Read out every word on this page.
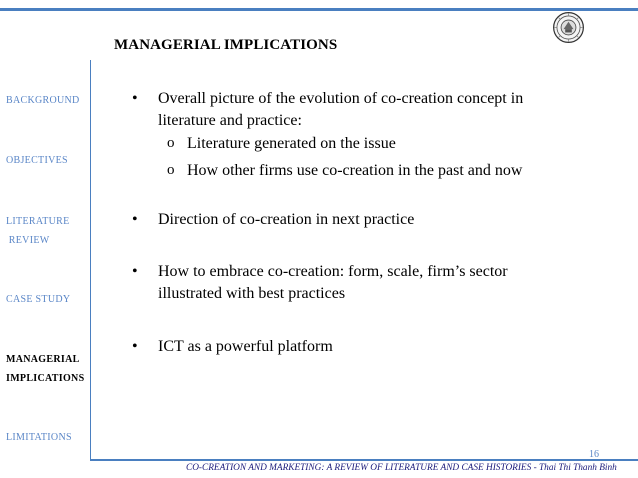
MANAGERIAL IMPLICATIONS
BACKGROUND
OBJECTIVES
LITERATURE
REVIEW
CASE STUDY
MANAGERIAL
IMPLICATIONS
LIMITATIONS
• Overall picture of the evolution of co-creation concept in literature and practice:
o Literature generated on the issue
o How other firms use co-creation in the past and now
• Direction of co-creation in next practice
• How to embrace co-creation: form, scale, firm’s sector illustrated with best practices
• ICT as a powerful platform
16
CO-CREATION AND MARKETING: A REVIEW OF LITERATURE AND CASE HISTORIES - Thai Thi Thanh Binh
